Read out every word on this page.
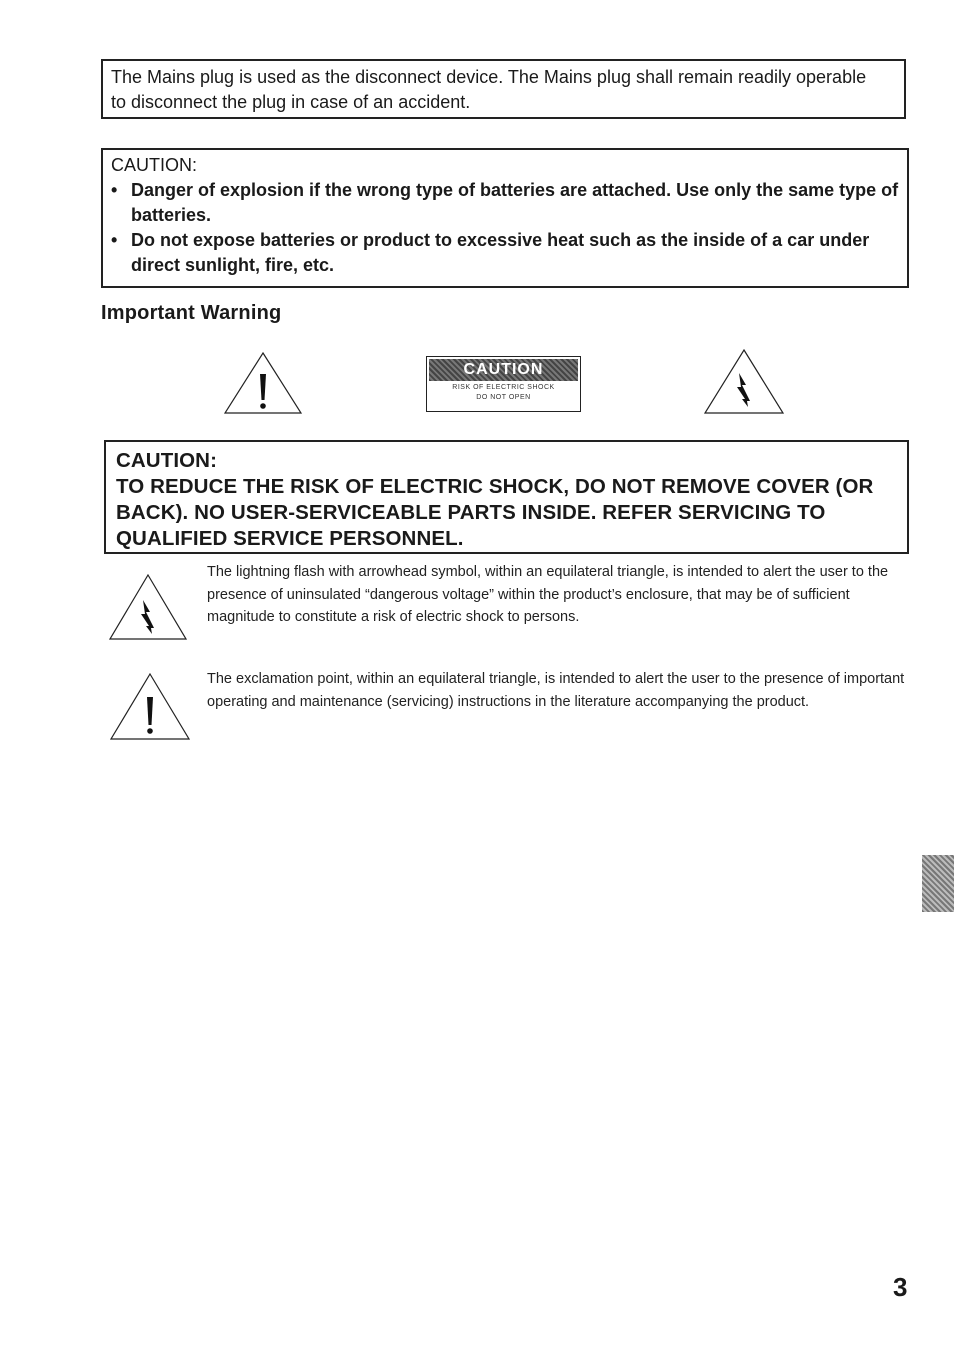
The Mains plug is used as the disconnect device. The Mains plug shall remain readily operable
to disconnect the plug in case of an accident.
CAUTION:
• Danger of explosion if the wrong type of batteries are attached. Use only the same type of batteries.
• Do not expose batteries or product to excessive heat such as the inside of a car under direct sunlight, fire, etc.
Important Warning
CAUTION
RISK OF ELECTRIC SHOCK
DO NOT OPEN
CAUTION:
TO REDUCE THE RISK OF ELECTRIC SHOCK, DO NOT REMOVE COVER (OR BACK). NO USER-SERVICEABLE PARTS INSIDE. REFER SERVICING TO QUALIFIED SERVICE PERSONNEL.
The lightning flash with arrowhead symbol, within an equilateral triangle, is intended to alert the user to the presence of uninsulated “dangerous voltage” within the product’s enclosure, that may be of sufficient magnitude to constitute a risk of electric shock to persons.
The exclamation point, within an equilateral triangle, is intended to alert the user to the presence of important operating and maintenance (servicing) instructions in the literature accompanying the product.
3
